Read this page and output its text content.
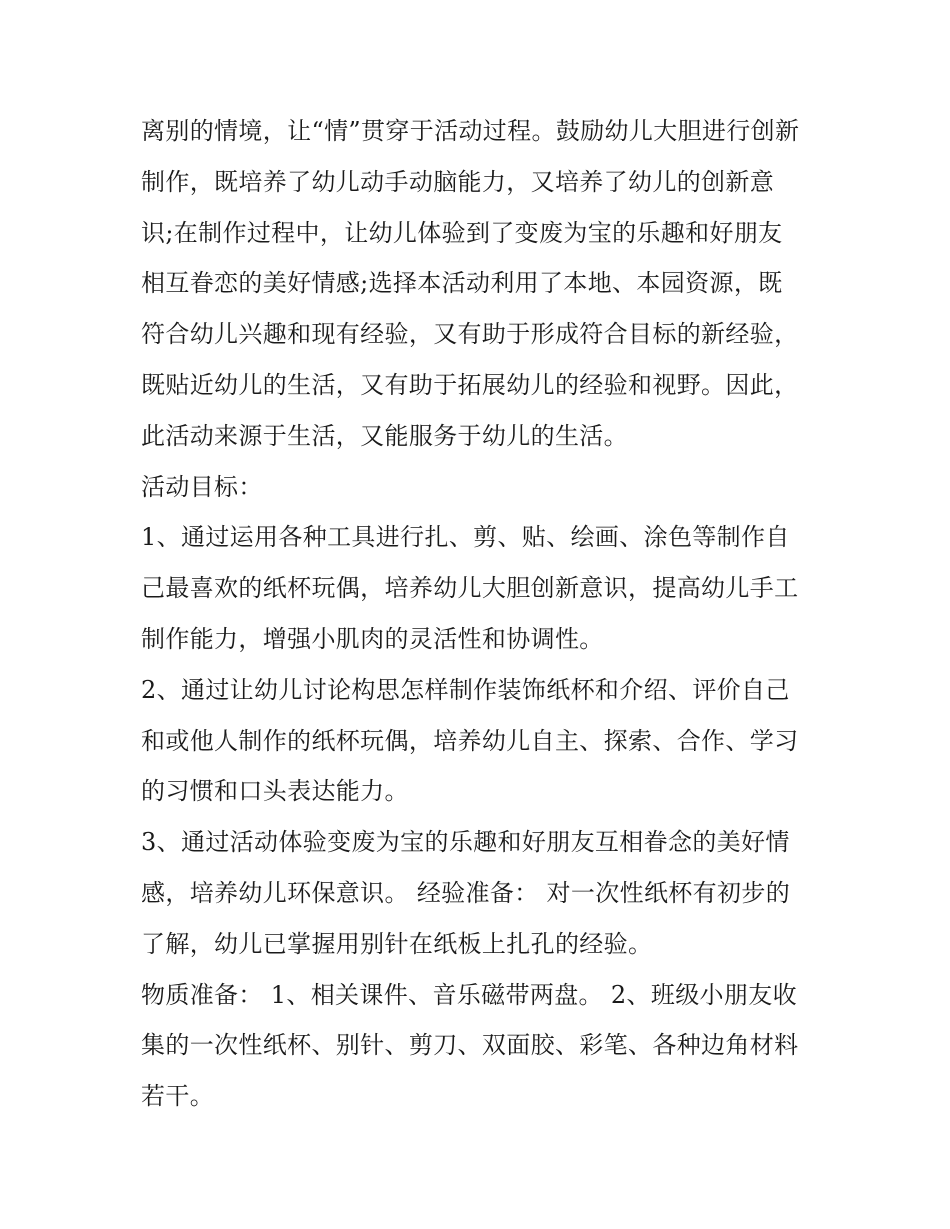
离别的情境，让“情”贯穿于活动过程。鼓励幼儿大胆进行创新
制作，既培养了幼儿动手动脑能力，又培养了幼儿的创新意
识;在制作过程中，让幼儿体验到了变废为宝的乐趣和好朋友
相互眷恋的美好情感;选择本活动利用了本地、本园资源，既
符合幼儿兴趣和现有经验，又有助于形成符合目标的新经验，
既贴近幼儿的生活，又有助于拓展幼儿的经验和视野。因此，
此活动来源于生活，又能服务于幼儿的生活。
活动目标：
1、通过运用各种工具进行扎、剪、贴、绘画、涂色等制作自
己最喜欢的纸杯玩偶，培养幼儿大胆创新意识，提高幼儿手工
制作能力，增强小肌肉的灵活性和协调性。
2、通过让幼儿讨论构思怎样制作装饰纸杯和介绍、评价自己
和或他人制作的纸杯玩偶，培养幼儿自主、探索、合作、学习
的习惯和口头表达能力。
3、通过活动体验变废为宝的乐趣和好朋友互相眷念的美好情
感，培养幼儿环保意识。 经验准备： 对一次性纸杯有初步的
了解，幼儿已掌握用别针在纸板上扎孔的经验。
物质准备： 1、相关课件、音乐磁带两盘。 2、班级小朋友收
集的一次性纸杯、别针、剪刀、双面胶、彩笔、各种边角材料
若干。
